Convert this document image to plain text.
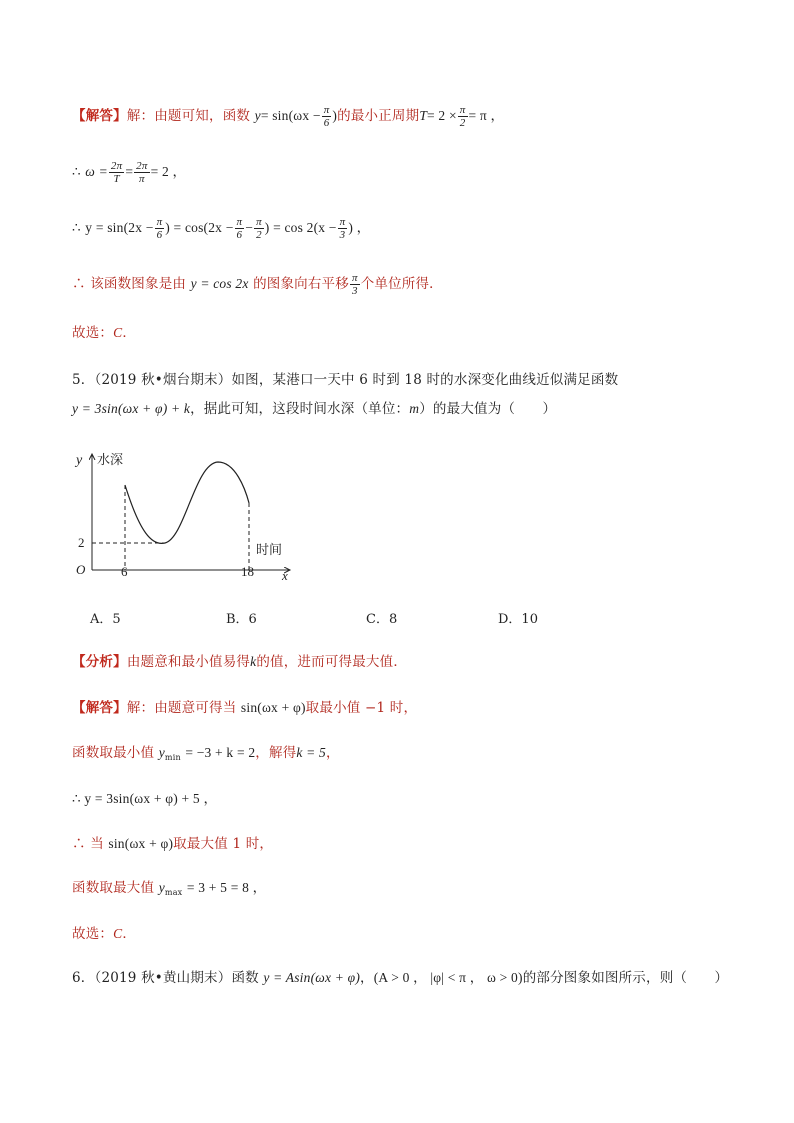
【解答】解：由题可知，函数 $y= \sin(\omega x - \frac{\pi}{6}$ )的最小正周期$T= 2 \times \frac{\pi}{2} = \pi$ ，
∴ $\omega = \frac{2\pi}{T} = \frac{2\pi}{\pi} = 2$ ，
∴ $y = \sin(2x - \frac{\pi}{6}$ ) = $\cos(2x - \frac{\pi}{6} - \frac{\pi}{2}$ ) = $\cos 2(x - \frac{\pi}{3}$ ) ，
∴ 该函数图象是由 y = cos 2x 的图象向右平移 $\frac{\pi}{3}$ 个单位所得．
故选：C．
5．（2019 秋•烟台期末）如图，某港口一天中 6 时到 18 时的水深变化曲线近似满足函数
y = 3sin(ωx + φ) + k，据此可知，这段时间水深（单位：m）的最大值为（　　）
y 水深
时间
x
O
2
6	18
A．5	B．6	C．8	D．10
【分析】由题意和最小值易得k的值，进而可得最大值．
【解答】解：由题意可得当 sin(ωx + φ)取最小值 −1 时，
函数取最小值 $y_{min} = -3 + k = 2$，解得k = 5，
∴ y = 3sin(ωx + φ) + 5 ，
∴ 当 sin(ωx + φ)取最大值 1 时，
函数取最大值 $y_{max} = 3 + 5 = 8$ ，
故选：C．
6．（2019 秋•黄山期末）函数 y = Asin(ωx + φ)，(A > 0 ， |φ| < π ， ω > 0)的部分图象如图所示，则（　　）
